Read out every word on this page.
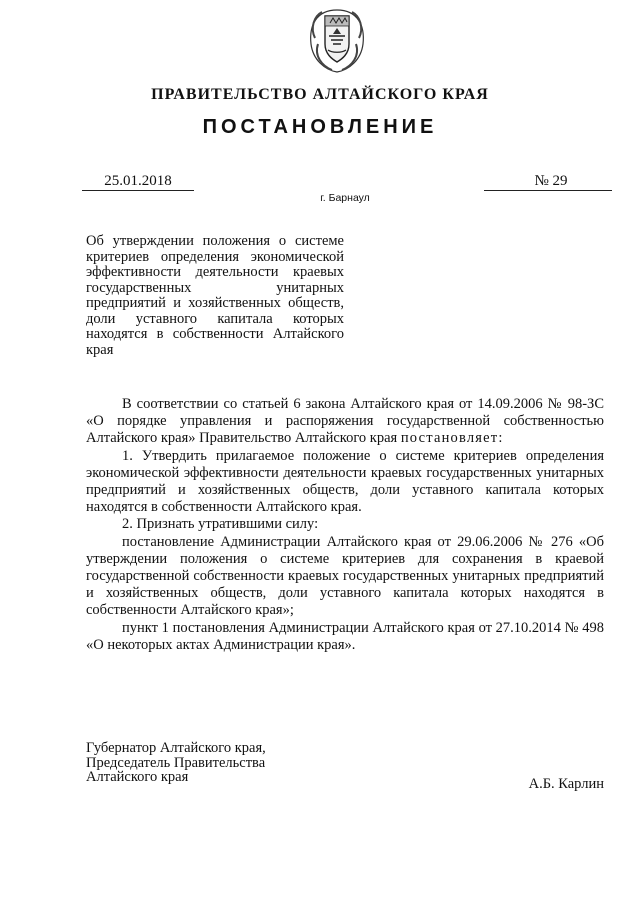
ПРАВИТЕЛЬСТВО АЛТАЙСКОГО КРАЯ
ПОСТАНОВЛЕНИЕ
25.01.2018
г. Барнаул
№ 29

Об утверждении положения о системе критериев определения экономической эффективности деятельности краевых государственных унитарных предприятий и хозяйственных обществ, доли уставного капитала которых находятся в собственности Алтайского края

В соответствии со статьей 6 закона Алтайского края от 14.09.2006 № 98-ЗС «О порядке управления и распоряжения государственной собственностью Алтайского края» Правительство Алтайского края постановляет:

1. Утвердить прилагаемое положение о системе критериев определения экономической эффективности деятельности краевых государственных унитарных предприятий и хозяйственных обществ, доли уставного капитала которых находятся в собственности Алтайского края.

2. Признать утратившими силу:

постановление Администрации Алтайского края от 29.06.2006 № 276 «Об утверждении положения о системе критериев для сохранения в краевой государственной собственности краевых государственных унитарных предприятий и хозяйственных обществ, доли уставного капитала которых находятся в собственности Алтайского края»;

пункт 1 постановления Администрации Алтайского края от 27.10.2014 № 498 «О некоторых актах Администрации края».

Губернатор Алтайского края,
Председатель Правительства
Алтайского края	А.Б. Карлин
